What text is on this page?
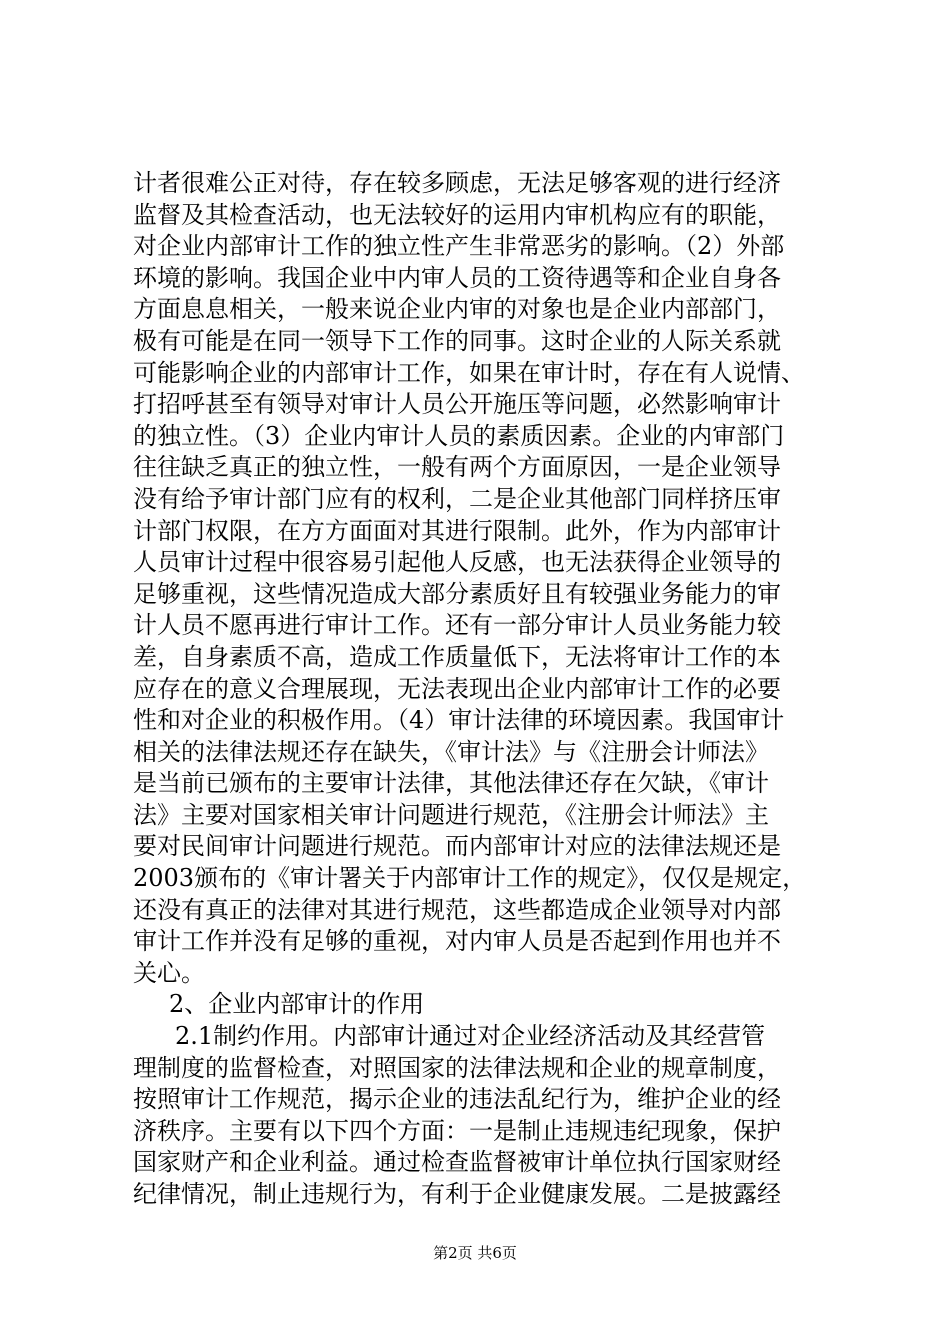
计者很难公正对待，存在较多顾虑，无法足够客观的进行经济
监督及其检查活动，也无法较好的运用内审机构应有的职能，
对企业内部审计工作的独立性产生非常恶劣的影响。（2）外部
环境的影响。我国企业中内审人员的工资待遇等和企业自身各
方面息息相关，一般来说企业内审的对象也是企业内部部门，
极有可能是在同一领导下工作的同事。这时企业的人际关系就
可能影响企业的内部审计工作，如果在审计时，存在有人说情、
打招呼甚至有领导对审计人员公开施压等问题，必然影响审计
的独立性。（3）企业内审计人员的素质因素。企业的内审部门
往往缺乏真正的独立性，一般有两个方面原因，一是企业领导
没有给予审计部门应有的权利，二是企业其他部门同样挤压审
计部门权限，在方方面面对其进行限制。此外，作为内部审计
人员审计过程中很容易引起他人反感，也无法获得企业领导的
足够重视，这些情况造成大部分素质好且有较强业务能力的审
计人员不愿再进行审计工作。还有一部分审计人员业务能力较
差，自身素质不高，造成工作质量低下，无法将审计工作的本
应存在的意义合理展现，无法表现出企业内部审计工作的必要
性和对企业的积极作用。（4）审计法律的环境因素。我国审计
相关的法律法规还存在缺失，《审计法》与《注册会计师法》
是当前已颁布的主要审计法律，其他法律还存在欠缺，《审计
法》主要对国家相关审计问题进行规范，《注册会计师法》主
要对民间审计问题进行规范。而内部审计对应的法律法规还是
2003颁布的《审计署关于内部审计工作的规定》，仅仅是规定，
还没有真正的法律对其进行规范，这些都造成企业领导对内部
审计工作并没有足够的重视，对内审人员是否起到作用也并不
关心。
2、企业内部审计的作用
2.1制约作用。内部审计通过对企业经济活动及其经营管
理制度的监督检查，对照国家的法律法规和企业的规章制度，
按照审计工作规范，揭示企业的违法乱纪行为，维护企业的经
济秩序。主要有以下四个方面：一是制止违规违纪现象，保护
国家财产和企业利益。通过检查监督被审计单位执行国家财经
纪律情况，制止违规行为，有利于企业健康发展。二是披露经
第2页 共6页
